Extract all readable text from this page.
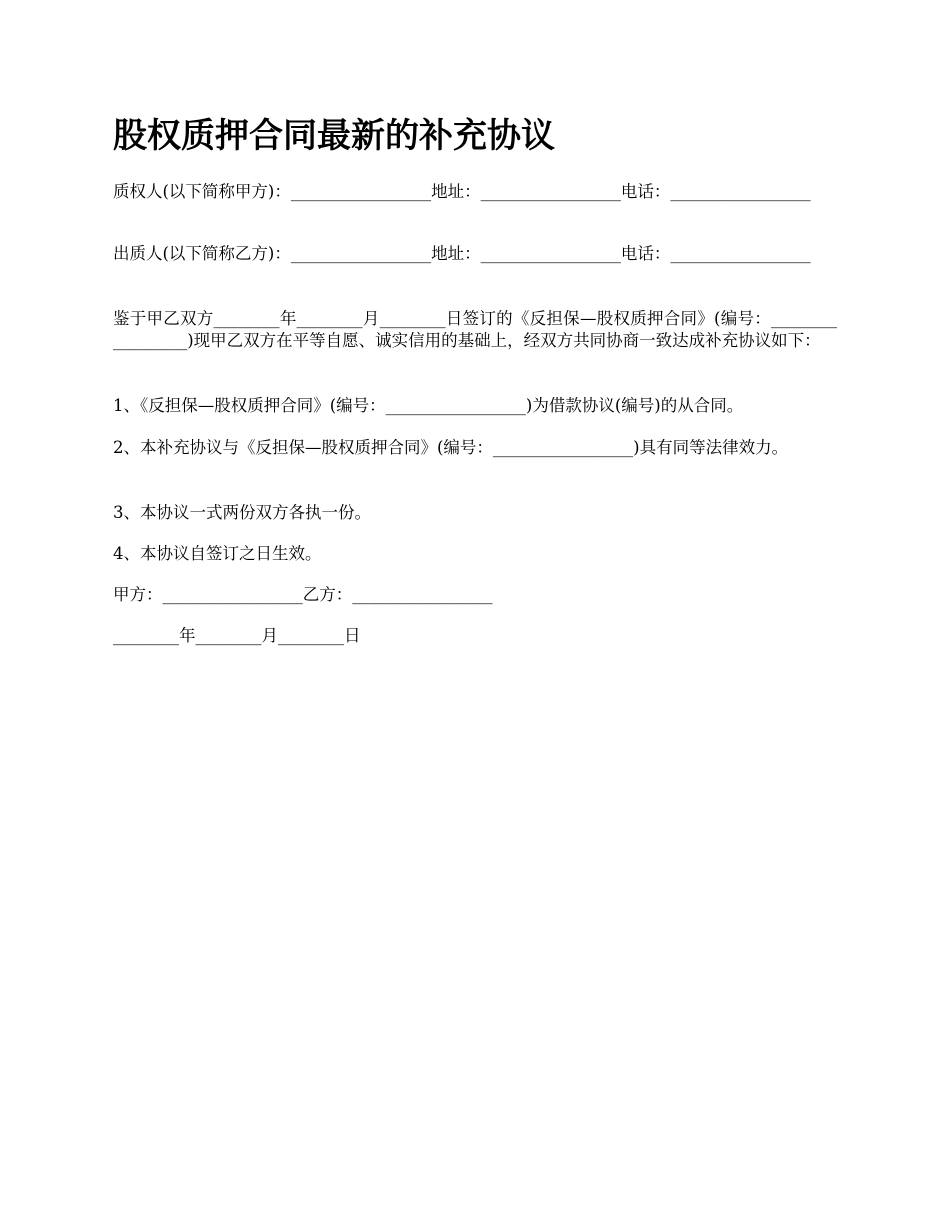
股权质押合同最新的补充协议

质权人(以下简称甲方)：_________________地址：_________________电话：_________________

出质人(以下简称乙方)：_________________地址：_________________电话：_________________

鉴于甲乙双方________年________月________日签订的《反担保—股权质押合同》(编号：_________________)现甲乙双方在平等自愿、诚实信用的基础上，经双方共同协商一致达成补充协议如下：

1、《反担保—股权质押合同》(编号：_________________)为借款协议(编号)的从合同。

2、本补充协议与《反担保—股权质押合同》(编号：_________________)具有同等法律效力。

3、本协议一式两份双方各执一份。

4、本协议自签订之日生效。

甲方：_________________乙方：_________________

________年________月________日
